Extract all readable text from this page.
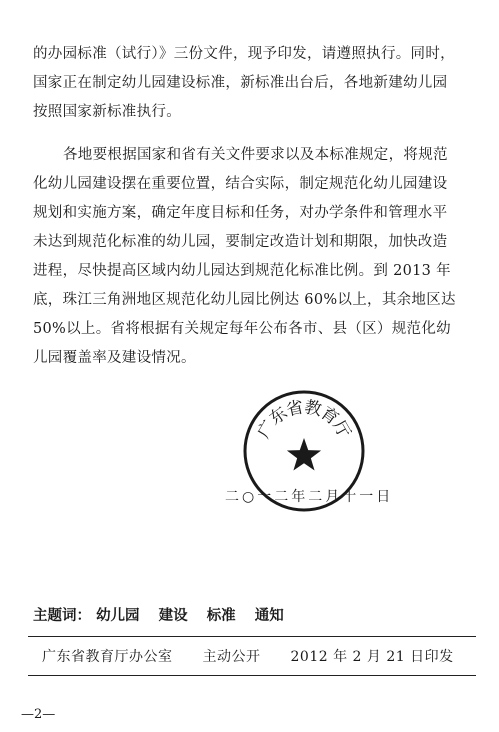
的办园标准（试行）》三份文件，现予印发，请遵照执行。同时，
国家正在制定幼儿园建设标准，新标准出台后，各地新建幼儿园
按照国家新标准执行。
各地要根据国家和省有关文件要求以及本标准规定，将规范
化幼儿园建设摆在重要位置，结合实际，制定规范化幼儿园建设
规划和实施方案，确定年度目标和任务，对办学条件和管理水平
未达到规范化标准的幼儿园，要制定改造计划和期限，加快改造
进程，尽快提高区域内幼儿园达到规范化标准比例。到 2013 年
底，珠江三角洲地区规范化幼儿园比例达 60%以上，其余地区达
50%以上。省将根据有关规定每年公布各市、县（区）规范化幼
儿园覆盖率及建设情况。
广
东
省
教
育
厅
二○一二年二月十一日
主题词： 幼儿园 建设 标准 通知
广东省教育厅办公室 主动公开 2012 年 2 月 21 日印发
—2—
